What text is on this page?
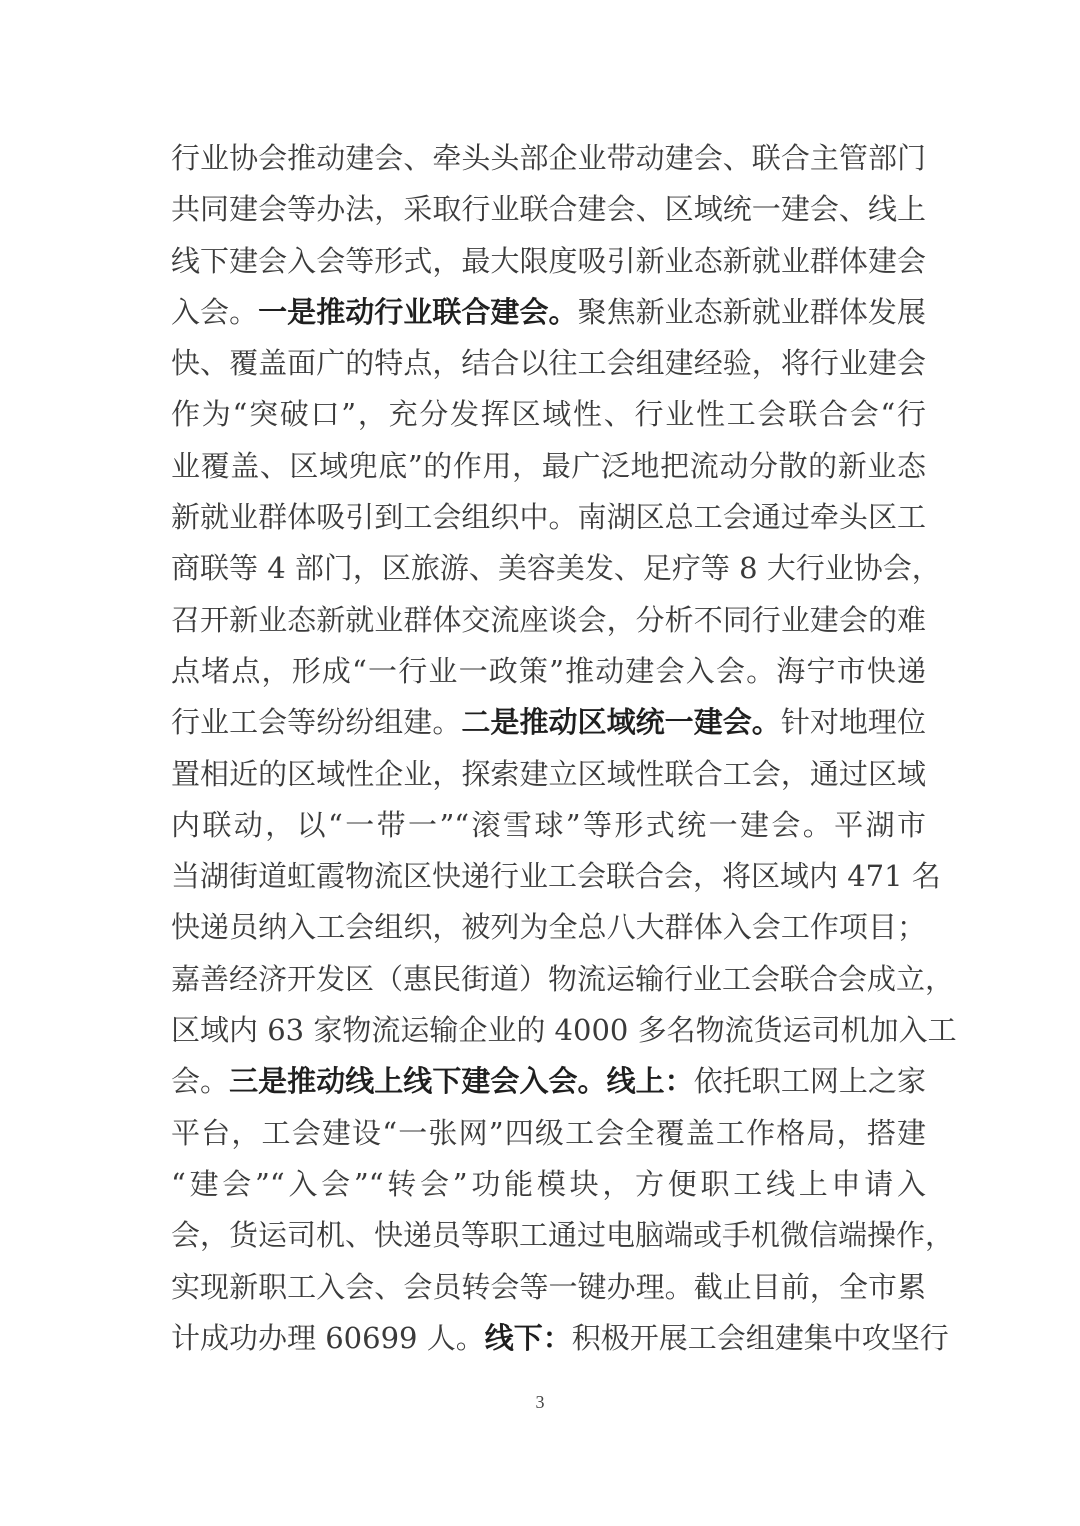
行业协会推动建会、牵头头部企业带动建会、联合主管部门
共同建会等办法，采取行业联合建会、区域统一建会、线上
线下建会入会等形式，最大限度吸引新业态新就业群体建会
入会。一是推动行业联合建会。聚焦新业态新就业群体发展
快、覆盖面广的特点，结合以往工会组建经验，将行业建会
作为“突破口”，充分发挥区域性、行业性工会联合会“行
业覆盖、区域兜底”的作用，最广泛地把流动分散的新业态
新就业群体吸引到工会组织中。南湖区总工会通过牵头区工
商联等 4 部门，区旅游、美容美发、足疗等 8 大行业协会，
召开新业态新就业群体交流座谈会，分析不同行业建会的难
点堵点，形成“一行业一政策”推动建会入会。海宁市快递
行业工会等纷纷组建。二是推动区域统一建会。针对地理位
置相近的区域性企业，探索建立区域性联合工会，通过区域
内联动，以“一带一”“滚雪球”等形式统一建会。平湖市
当湖街道虹霞物流区快递行业工会联合会，将区域内 471 名
快递员纳入工会组织，被列为全总八大群体入会工作项目；
嘉善经济开发区（惠民街道）物流运输行业工会联合会成立，
区域内 63 家物流运输企业的 4000 多名物流货运司机加入工
会。三是推动线上线下建会入会。线上：依托职工网上之家
平台，工会建设“一张网”四级工会全覆盖工作格局，搭建
“建会”“入会”“转会”功能模块，方便职工线上申请入
会，货运司机、快递员等职工通过电脑端或手机微信端操作，
实现新职工入会、会员转会等一键办理。截止目前，全市累
计成功办理 60699 人。线下：积极开展工会组建集中攻坚行
3
